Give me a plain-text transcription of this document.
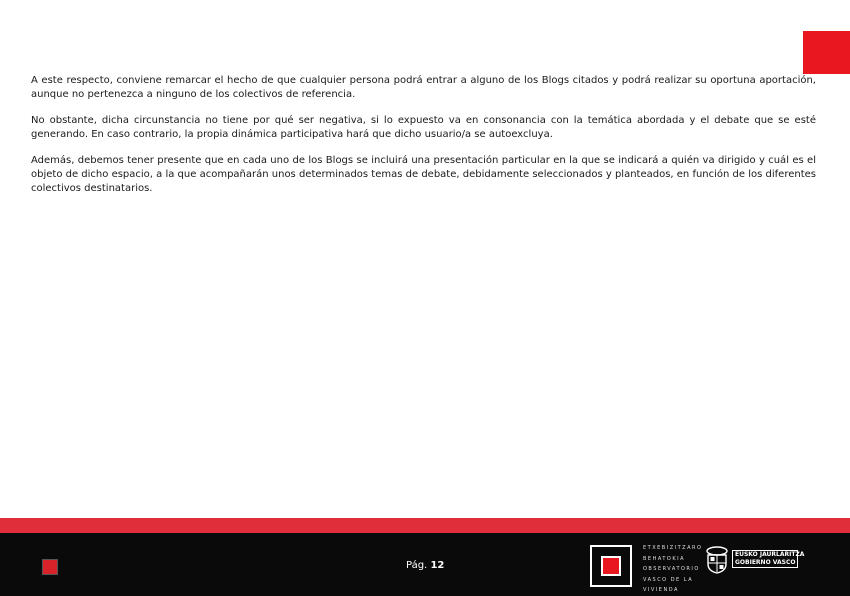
A este respecto, conviene remarcar el hecho de que cualquier persona podrá entrar a alguno de los Blogs citados y podrá realizar su oportuna aportación, aunque no pertenezca a ninguno de los colectivos de referencia.

No obstante, dicha circunstancia no tiene por qué ser negativa, si lo expuesto va en consonancia con la temática abordada y el debate que se esté generando. En caso contrario, la propia dinámica participativa hará que dicho usuario/a se autoexcluya.

Además, debemos tener presente que en cada uno de los Blogs se incluirá una presentación particular en la que se indicará a quién va dirigido y cuál es el objeto de dicho espacio, a la que acompañarán unos determinados temas de debate, debidamente seleccionados y planteados, en función de los diferentes colectivos destinatarios.

Pág. 12
ETXEBIZITZARO
BEHATOKIA
OBSERVATORIO
VASCO DE LA
VIVIENDA
EUSKO JAURLARITZA
GOBIERNO VASCO
